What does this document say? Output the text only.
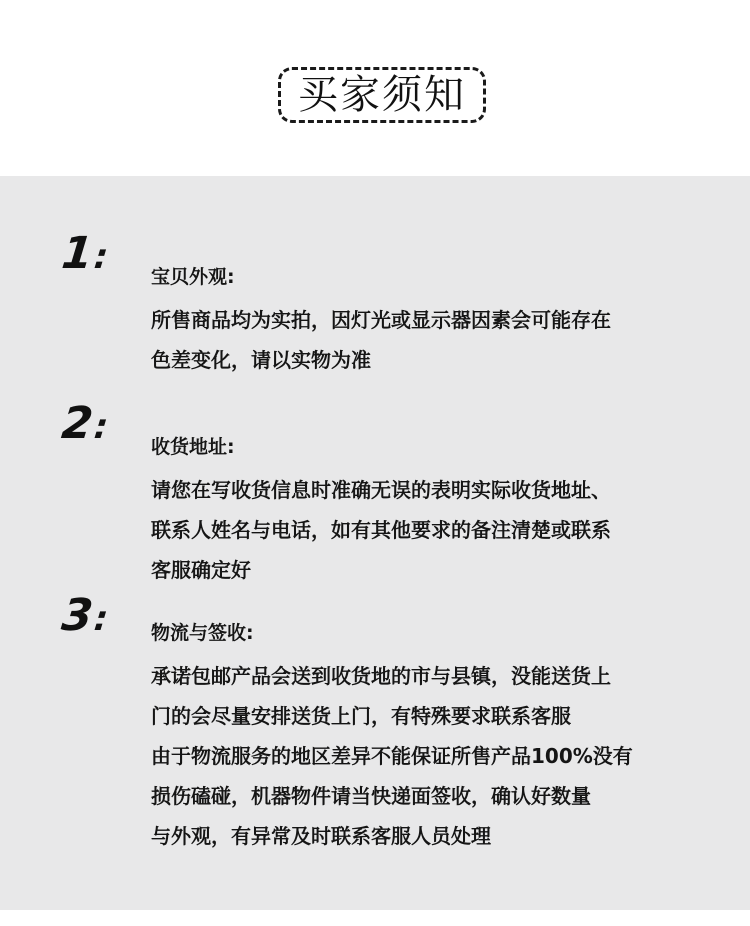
买家须知
1: 宝贝外观:
所售商品均为实拍，因灯光或显示器因素会可能存在
色差变化，请以实物为准
2: 收货地址:
请您在写收货信息时准确无误的表明实际收货地址、
联系人姓名与电话，如有其他要求的备注清楚或联系
客服确定好
3: 物流与签收:
承诺包邮产品会送到收货地的市与县镇，没能送货上
门的会尽量安排送货上门，有特殊要求联系客服
由于物流服务的地区差异不能保证所售产品100%没有
损伤磕碰，机器物件请当快递面签收，确认好数量
与外观，有异常及时联系客服人员处理
